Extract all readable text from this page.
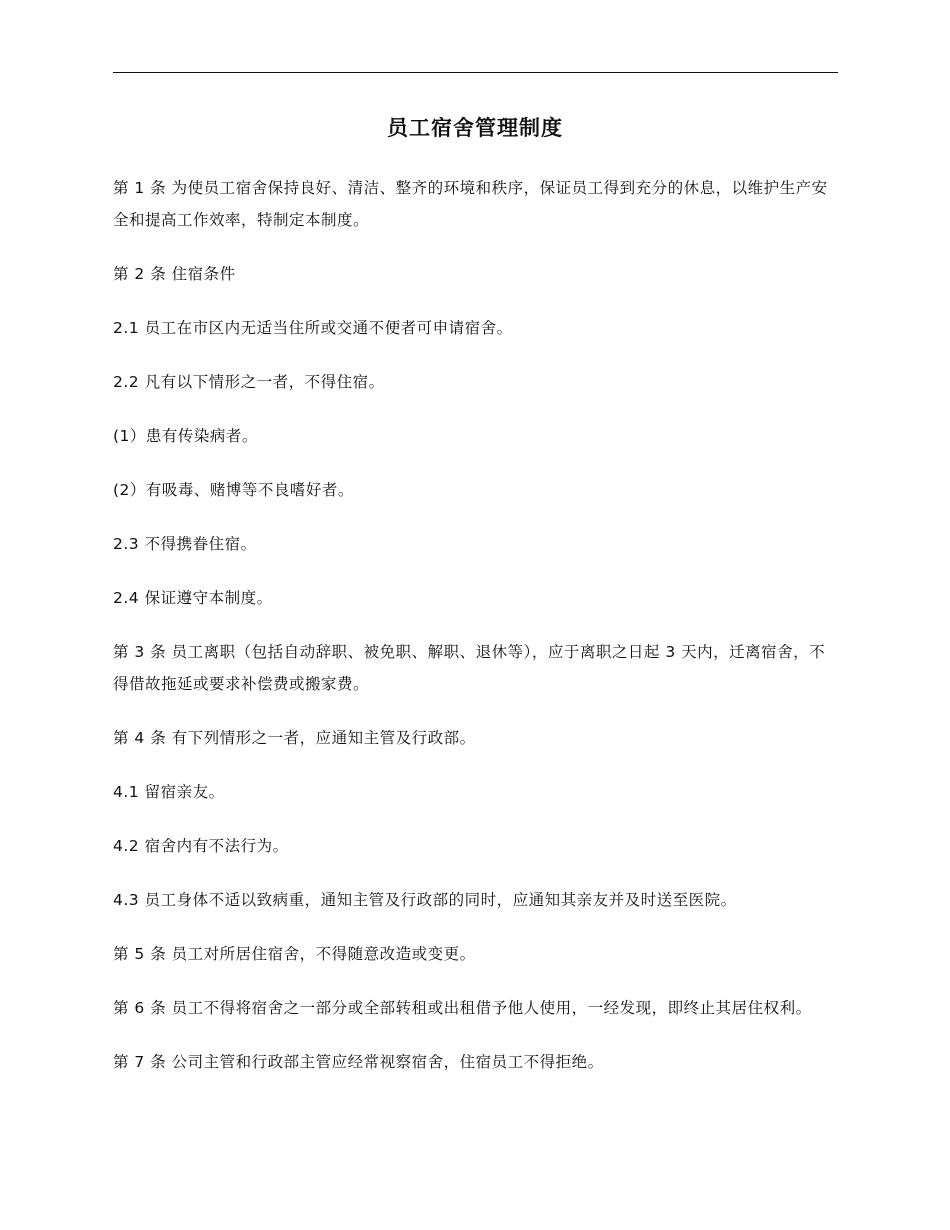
员工宿舍管理制度

第 1 条 为使员工宿舍保持良好、清洁、整齐的环境和秩序，保证员工得到充分的休息，以维护生产安全和提高工作效率，特制定本制度。

第 2 条 住宿条件

2.1 员工在市区内无适当住所或交通不便者可申请宿舍。

2.2 凡有以下情形之一者，不得住宿。

(1）患有传染病者。

(2）有吸毒、赌博等不良嗜好者。

2.3 不得携眷住宿。

2.4 保证遵守本制度。

第 3 条 员工离职（包括自动辞职、被免职、解职、退休等），应于离职之日起 3 天内，迁离宿舍，不得借故拖延或要求补偿费或搬家费。

第 4 条 有下列情形之一者，应通知主管及行政部。

4.1 留宿亲友。

4.2 宿舍内有不法行为。

4.3 员工身体不适以致病重，通知主管及行政部的同时，应通知其亲友并及时送至医院。

第 5 条 员工对所居住宿舍，不得随意改造或变更。

第 6 条 员工不得将宿舍之一部分或全部转租或出租借予他人使用，一经发现，即终止其居住权利。

第 7 条 公司主管和行政部主管应经常视察宿舍，住宿员工不得拒绝。
